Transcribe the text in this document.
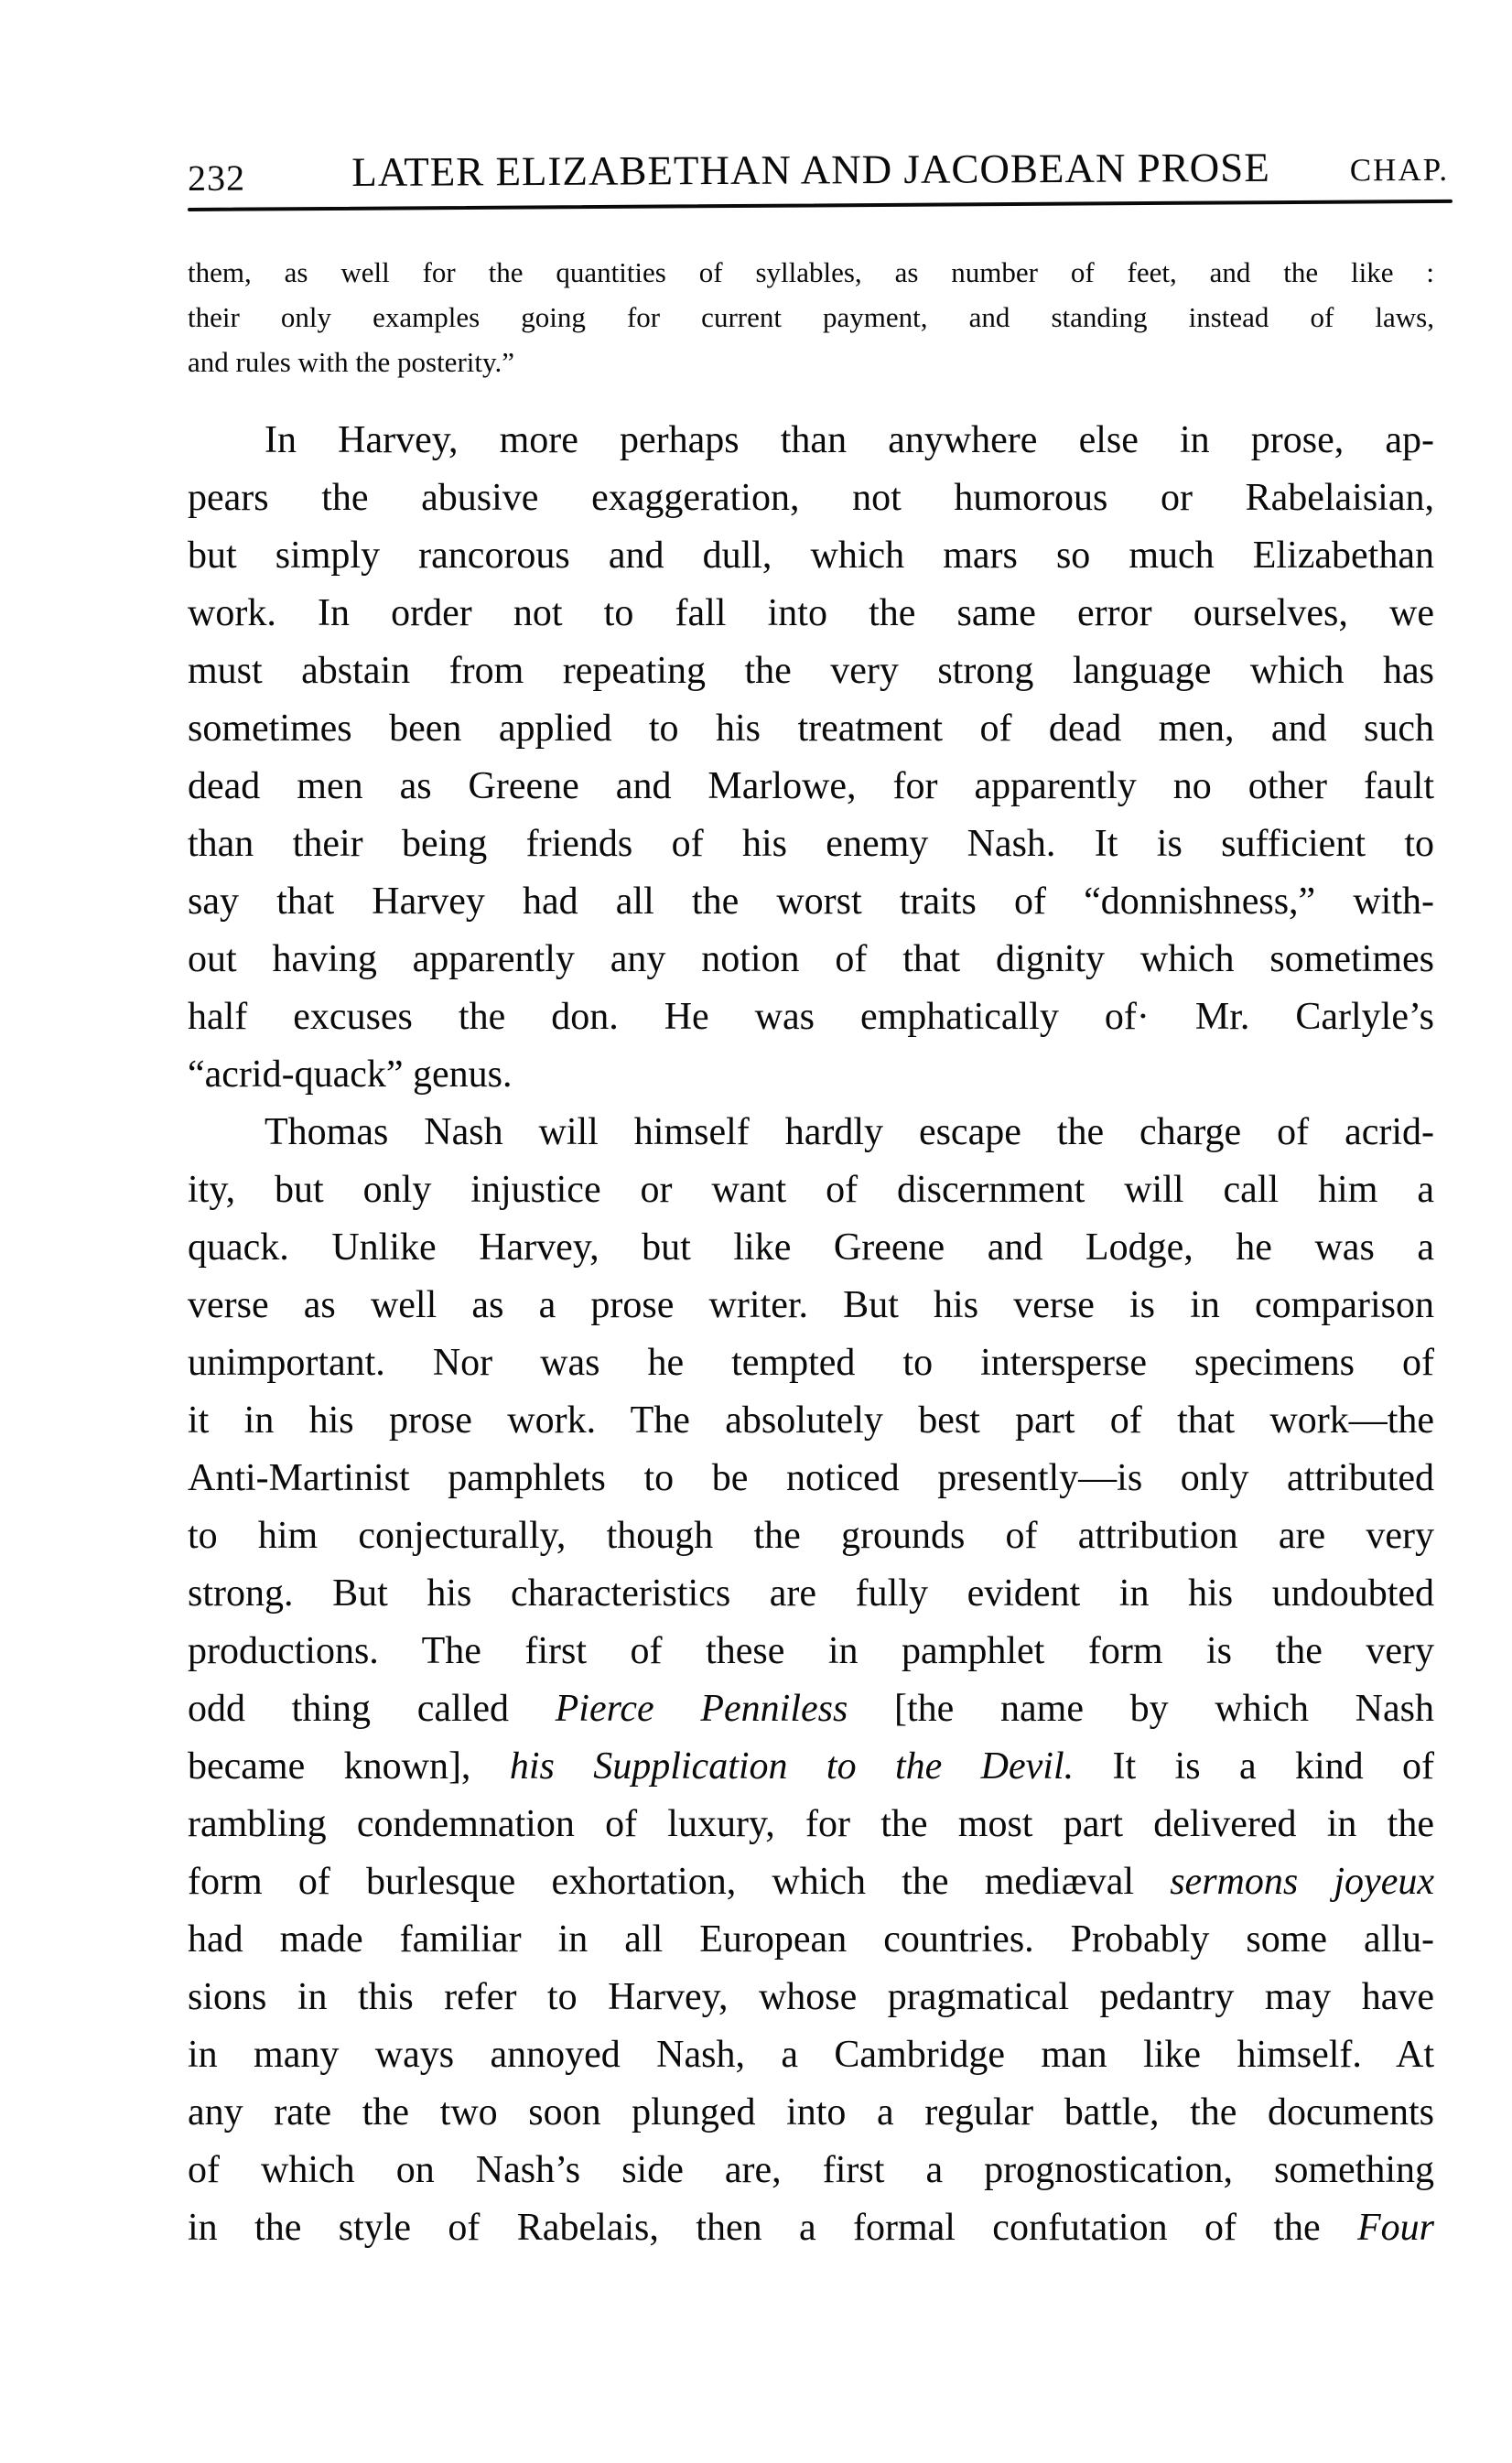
232	LATER ELIZABETHAN AND JACOBEAN PROSE	CHAP.
them, as well for the quantities of syllables, as number of feet, and the like :
their only examples going for current payment, and standing instead of laws,
and rules with the posterity.”
In Harvey, more perhaps than anywhere else in prose, ap-
pears the abusive exaggeration, not humorous or Rabelaisian,
but simply rancorous and dull, which mars so much Elizabethan
work. In order not to fall into the same error ourselves, we
must abstain from repeating the very strong language which has
sometimes been applied to his treatment of dead men, and such
dead men as Greene and Marlowe, for apparently no other fault
than their being friends of his enemy Nash. It is sufficient to
say that Harvey had all the worst traits of “donnishness,” with-
out having apparently any notion of that dignity which sometimes
half excuses the don. He was emphatically of· Mr. Carlyle’s
“acrid-quack” genus.
Thomas Nash will himself hardly escape the charge of acrid-
ity, but only injustice or want of discernment will call him a
quack. Unlike Harvey, but like Greene and Lodge, he was a
verse as well as a prose writer. But his verse is in comparison
unimportant. Nor was he tempted to intersperse specimens of
it in his prose work. The absolutely best part of that work—the
Anti-Martinist pamphlets to be noticed presently—is only attributed
to him conjecturally, though the grounds of attribution are very
strong. But his characteristics are fully evident in his undoubted
productions. The first of these in pamphlet form is the very
odd thing called Pierce Penniless [the name by which Nash
became known], his Supplication to the Devil. It is a kind of
rambling condemnation of luxury, for the most part delivered in the
form of burlesque exhortation, which the mediæval sermons joyeux
had made familiar in all European countries. Probably some allu-
sions in this refer to Harvey, whose pragmatical pedantry may have
in many ways annoyed Nash, a Cambridge man like himself. At
any rate the two soon plunged into a regular battle, the documents
of which on Nash’s side are, first a prognostication, something
in the style of Rabelais, then a formal confutation of the Four
